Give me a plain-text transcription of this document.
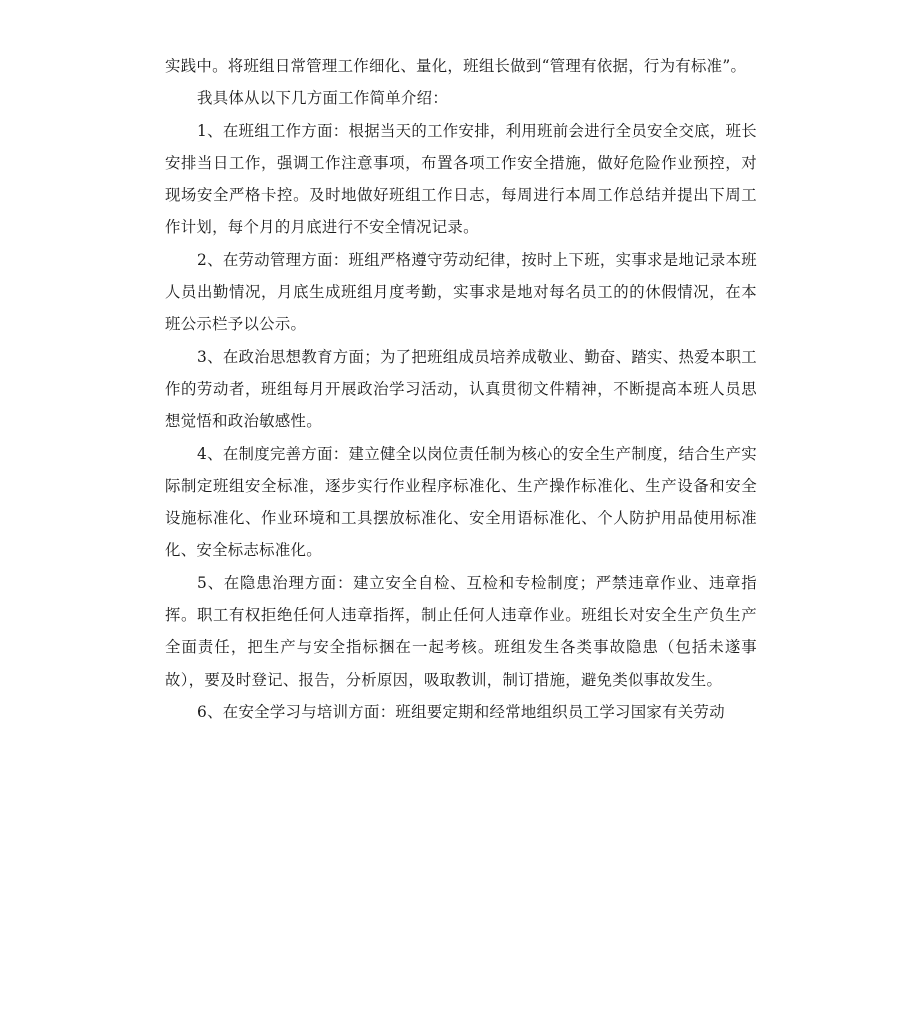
实践中。将班组日常管理工作细化、量化，班组长做到“管理有依据，行为有标准”。

我具体从以下几方面工作简单介绍：

1、在班组工作方面：根据当天的工作安排，利用班前会进行全员安全交底，班长安排当日工作，强调工作注意事项，布置各项工作安全措施，做好危险作业预控，对现场安全严格卡控。及时地做好班组工作日志，每周进行本周工作总结并提出下周工作计划，每个月的月底进行不安全情况记录。

2、在劳动管理方面：班组严格遵守劳动纪律，按时上下班，实事求是地记录本班人员出勤情况，月底生成班组月度考勤，实事求是地对每名员工的的休假情况，在本班公示栏予以公示。

3、在政治思想教育方面；为了把班组成员培养成敬业、勤奋、踏实、热爱本职工作的劳动者，班组每月开展政治学习活动，认真贯彻文件精神，不断提高本班人员思想觉悟和政治敏感性。

4、在制度完善方面：建立健全以岗位责任制为核心的安全生产制度，结合生产实际制定班组安全标准，逐步实行作业程序标准化、生产操作标准化、生产设备和安全设施标准化、作业环境和工具摆放标准化、安全用语标准化、个人防护用品使用标准化、安全标志标准化。

5、在隐患治理方面：建立安全自检、互检和专检制度；严禁违章作业、违章指挥。职工有权拒绝任何人违章指挥，制止任何人违章作业。班组长对安全生产负生产全面责任，把生产与安全指标捆在一起考核。班组发生各类事故隐患（包括未遂事故），要及时登记、报告，分析原因，吸取教训，制订措施，避免类似事故发生。

6、在安全学习与培训方面：班组要定期和经常地组织员工学习国家有关劳动
